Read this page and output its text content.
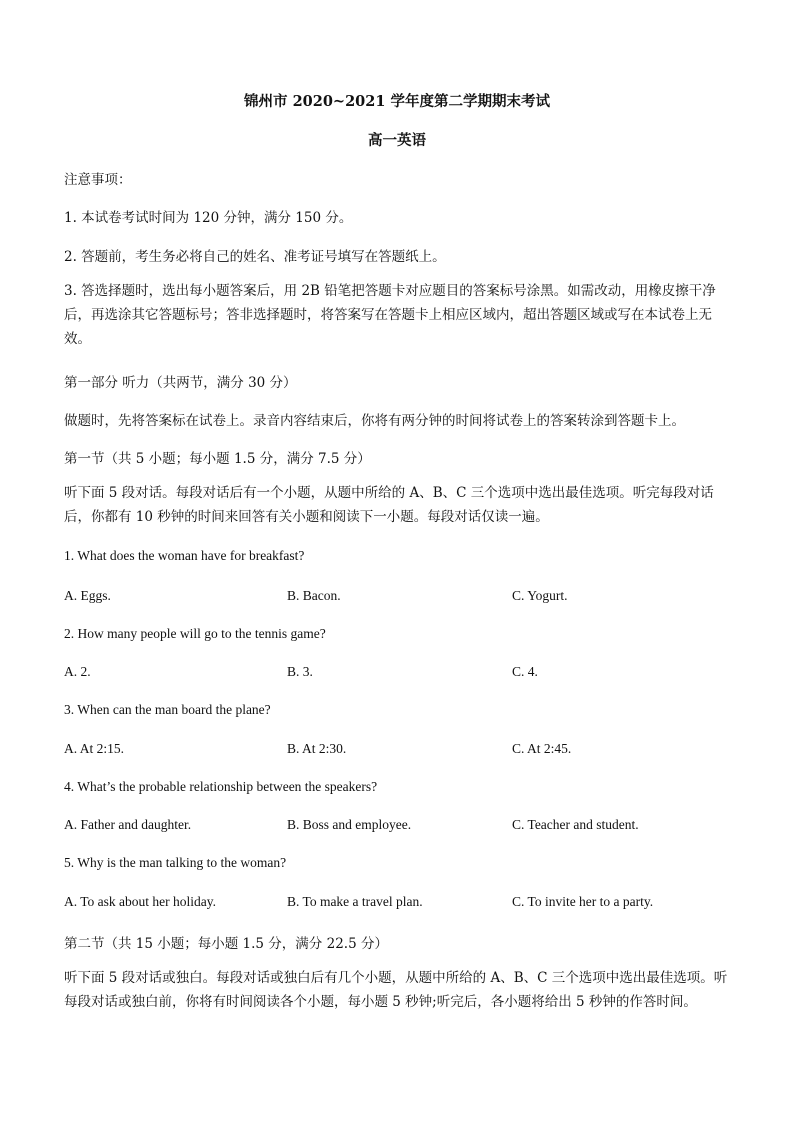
锦州市 2020~2021 学年度第二学期期末考试
高一英语
注意事项：
1. 本试卷考试时间为 120 分钟，满分 150 分。
2. 答题前，考生务必将自己的姓名、准考证号填写在答题纸上。
3. 答选择题时，选出每小题答案后，用 2B 铅笔把答题卡对应题目的答案标号涂黑。如需改动，用橡皮擦干净后，再选涂其它答题标号；答非选择题时，将答案写在答题卡上相应区域内，超出答题区域或写在本试卷上无效。
第一部分 听力（共两节，满分 30 分）
做题时，先将答案标在试卷上。录音内容结束后，你将有两分钟的时间将试卷上的答案转涂到答题卡上。
第一节（共 5 小题；每小题 1.5 分，满分 7.5 分）
听下面 5 段对话。每段对话后有一个小题，从题中所给的 A、B、C 三个选项中选出最佳选项。听完每段对话后，你都有 10 秒钟的时间来回答有关小题和阅读下一小题。每段对话仅读一遍。
1. What does the woman have for breakfast?
A. Eggs.	B. Bacon.	C. Yogurt.
2. How many people will go to the tennis game?
A. 2.	B. 3.	C. 4.
3. When can the man board the plane?
A. At 2:15.	B. At 2:30.	C. At 2:45.
4. What’s the probable relationship between the speakers?
A. Father and daughter.	B. Boss and employee.	C. Teacher and student.
5. Why is the man talking to the woman?
A. To ask about her holiday.	B. To make a travel plan.	C. To invite her to a party.
第二节（共 15 小题；每小题 1.5 分，满分 22.5 分）
听下面 5 段对话或独白。每段对话或独白后有几个小题，从题中所给的 A、B、C 三个选项中选出最佳选项。听每段对话或独白前，你将有时间阅读各个小题，每小题 5 秒钟;听完后，各小题将给出 5 秒钟的作答时间。
